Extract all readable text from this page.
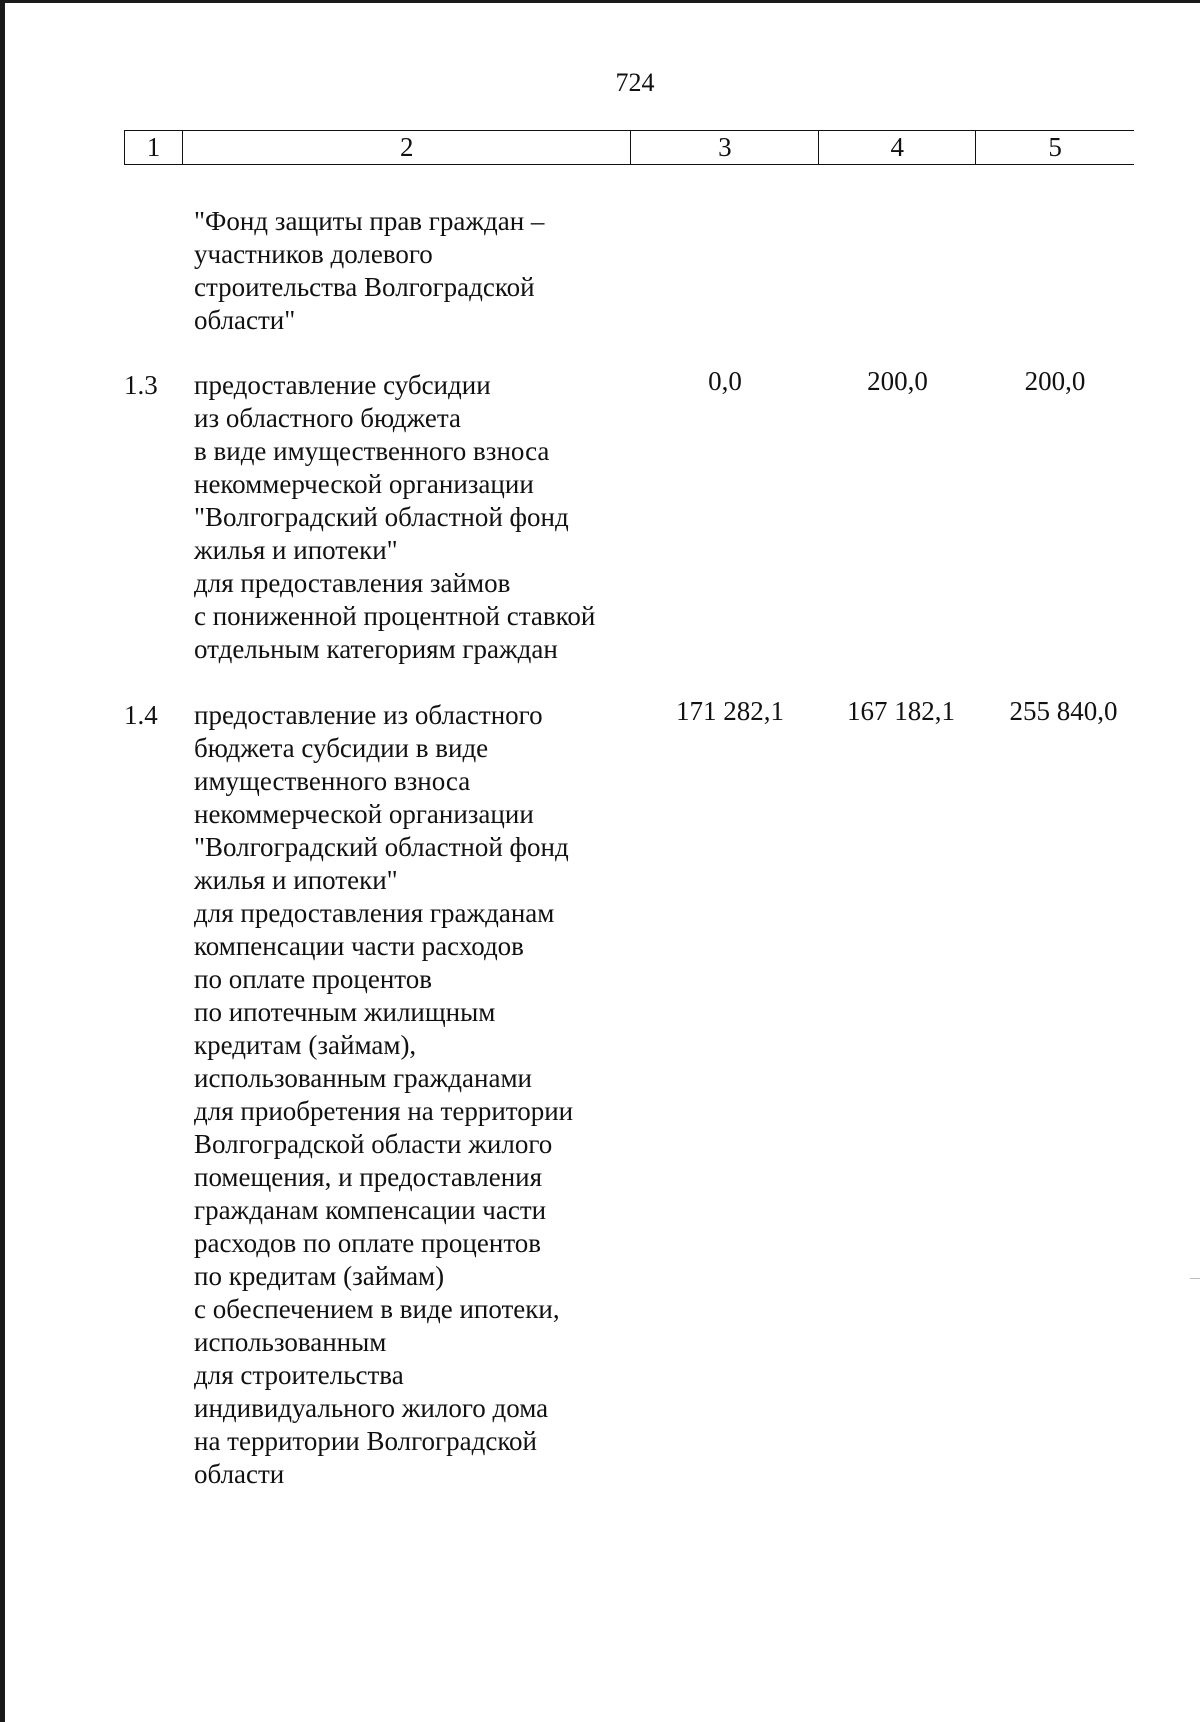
724
1	2	3	4	5
"Фонд защиты прав граждан –
участников долевого
строительства Волгоградской
области"
1.3 предоставление субсидии
из областного бюджета
в виде имущественного взноса
некоммерческой организации
"Волгоградский областной фонд
жилья и ипотеки"
для предоставления займов
с пониженной процентной ставкой
отдельным категориям граждан
0,0	200,0	200,0
1.4 предоставление из областного
бюджета субсидии в виде
имущественного взноса
некоммерческой организации
"Волгоградский областной фонд
жилья и ипотеки"
для предоставления гражданам
компенсации части расходов
по оплате процентов
по ипотечным жилищным
кредитам (займам),
использованным гражданами
для приобретения на территории
Волгоградской области жилого
помещения, и предоставления
гражданам компенсации части
расходов по оплате процентов
по кредитам (займам)
с обеспечением в виде ипотеки,
использованным
для строительства
индивидуального жилого дома
на территории Волгоградской
области
171 282,1	167 182,1	255 840,0
